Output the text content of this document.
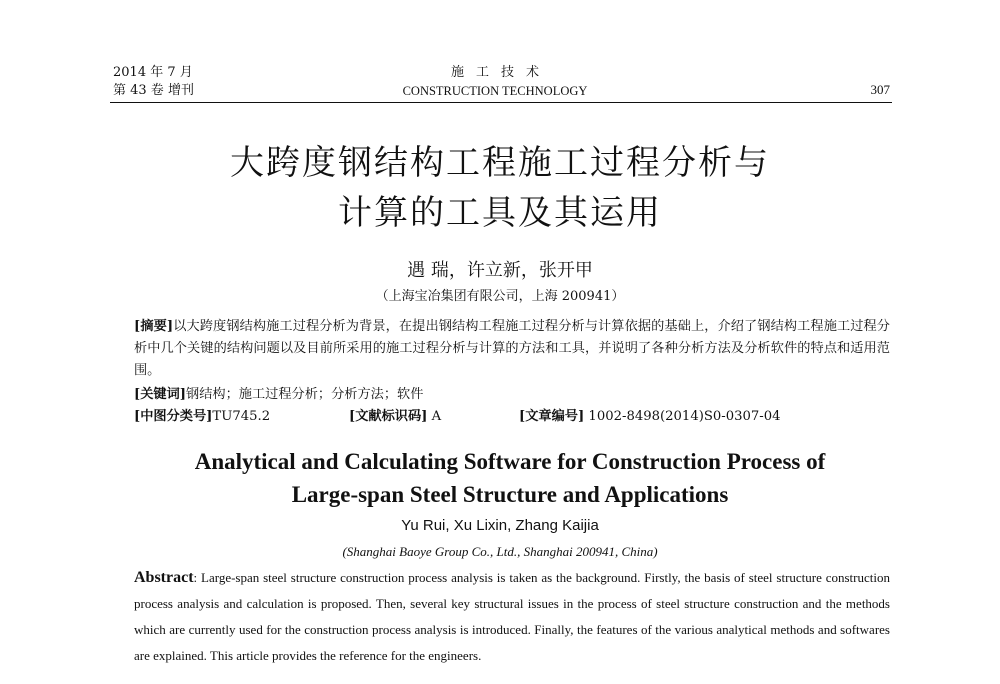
2014 年 7 月
第 43 卷 增刊
施工技术
CONSTRUCTION TECHNOLOGY	307
大跨度钢结构工程施工过程分析与
计算的工具及其运用
遇 瑞，许立新，张开甲
（上海宝冶集团有限公司，上海 200941）
[摘要]以大跨度钢结构施工过程分析为背景，在提出钢结构工程施工过程分析与计算依据的基础上，介绍了钢结构工程施工过程分析中几个关键的结构问题以及目前所采用的施工过程分析与计算的方法和工具，并说明了各种分析方法及分析软件的特点和适用范围。
[关键词]钢结构；施工过程分析；分析方法；软件
[中图分类号]TU745.2	[文献标识码] A	[文章编号] 1002-8498(2014)S0-0307-04
Analytical and Calculating Software for Construction Process of
Large-span Steel Structure and Applications
Yu Rui, Xu Lixin, Zhang Kaijia
(Shanghai Baoye Group Co., Ltd., Shanghai 200941, China)
Abstract: Large-span steel structure construction process analysis is taken as the background. Firstly, the basis of steel structure construction process analysis and calculation is proposed. Then, several key structural issues in the process of steel structure construction and the methods which are currently used for the construction process analysis is introduced. Finally, the features of the various analytical methods and softwares are explained. This article provides the reference for the engineers.
